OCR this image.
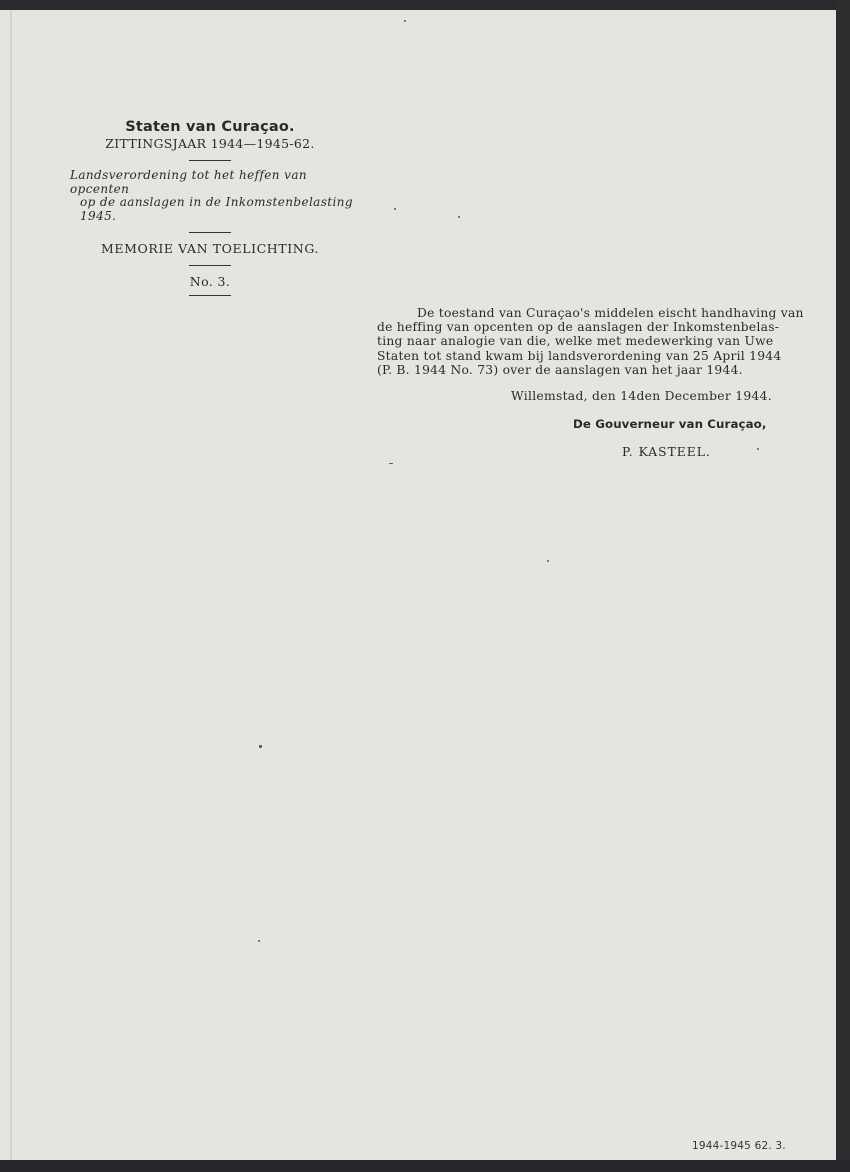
Staten van Curaçao.
ZITTINGSJAAR 1944—1945-62.
Landsverordening tot het heffen van opcenten
op de aanslagen in de Inkomstenbelasting
1945.
MEMORIE VAN TOELICHTING.
No. 3.
De toestand van Curaçao's middelen eischt handhaving van
de heffing van opcenten op de aanslagen der Inkomstenbelas-
ting naar analogie van die, welke met medewerking van Uwe
Staten tot stand kwam bij landsverordening van 25 April 1944
(P. B. 1944 No. 73) over de aanslagen van het jaar 1944.
Willemstad, den 14den December 1944.
De Gouverneur van Curaçao,
P. KASTEEL.
1944-1945 62. 3.
